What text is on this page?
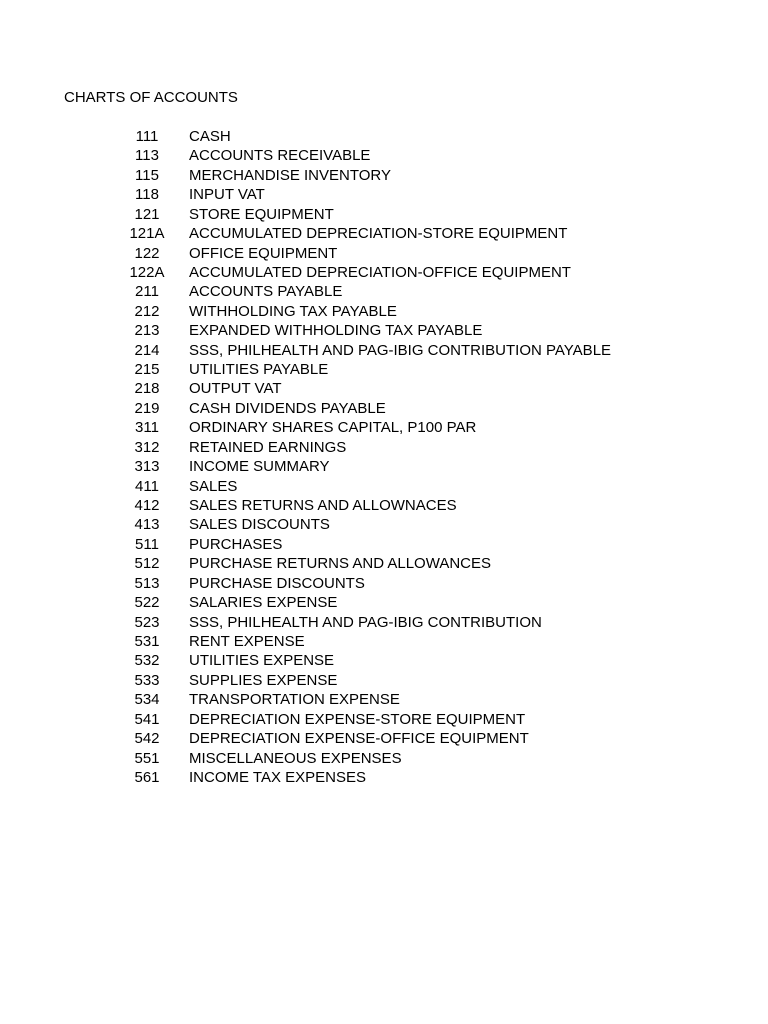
CHARTS OF ACCOUNTS
111	CASH
113	ACCOUNTS RECEIVABLE
115	MERCHANDISE INVENTORY
118	INPUT VAT
121	STORE EQUIPMENT
121A	ACCUMULATED DEPRECIATION-STORE EQUIPMENT
122	OFFICE EQUIPMENT
122A	ACCUMULATED DEPRECIATION-OFFICE EQUIPMENT
211	ACCOUNTS PAYABLE
212	WITHHOLDING TAX PAYABLE
213	EXPANDED WITHHOLDING TAX PAYABLE
214	SSS, PHILHEALTH AND PAG-IBIG CONTRIBUTION PAYABLE
215	UTILITIES PAYABLE
218	OUTPUT VAT
219	CASH DIVIDENDS PAYABLE
311	ORDINARY SHARES CAPITAL, P100 PAR
312	RETAINED EARNINGS
313	INCOME SUMMARY
411	SALES
412	SALES RETURNS AND ALLOWNACES
413	SALES DISCOUNTS
511	PURCHASES
512	PURCHASE RETURNS AND ALLOWANCES
513	PURCHASE DISCOUNTS
522	SALARIES EXPENSE
523	SSS, PHILHEALTH AND PAG-IBIG CONTRIBUTION
531	RENT EXPENSE
532	UTILITIES EXPENSE
533	SUPPLIES EXPENSE
534	TRANSPORTATION EXPENSE
541	DEPRECIATION EXPENSE-STORE EQUIPMENT
542	DEPRECIATION EXPENSE-OFFICE EQUIPMENT
551	MISCELLANEOUS EXPENSES
561	INCOME TAX EXPENSES
